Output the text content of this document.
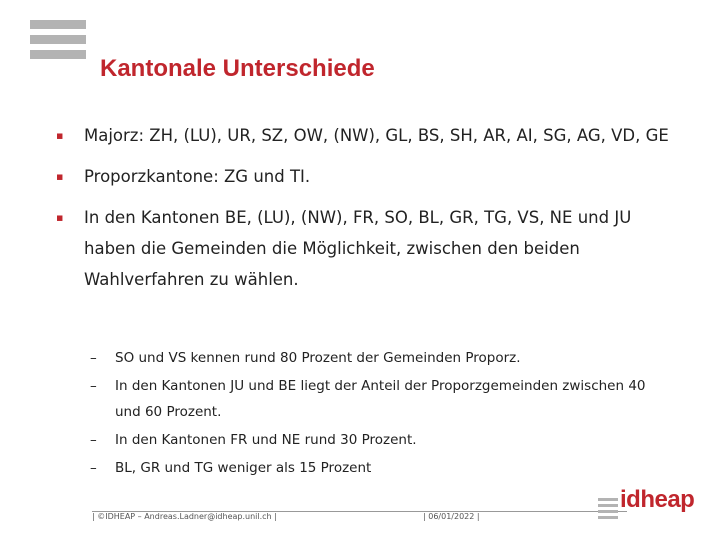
Kantonale Unterschiede
▪ Majorz: ZH, (LU), UR, SZ, OW, (NW), GL, BS, SH, AR, AI, SG, AG, VD, GE
▪ Proporzkantone: ZG und TI.
▪ In den Kantonen BE, (LU), (NW), FR, SO, BL, GR, TG, VS, NE und JU haben die Gemeinden die Möglichkeit, zwischen den beiden Wahlverfahren zu wählen.
– SO und VS kennen rund 80 Prozent der Gemeinden Proporz.
– In den Kantonen JU und BE liegt der Anteil der Proporzgemeinden zwischen 40 und 60 Prozent.
– In den Kantonen FR und NE rund 30 Prozent.
– BL, GR und TG weniger als 15 Prozent
| ©IDHEAP – Andreas.Ladner@idheap.unil.ch |	| 06/01/2022 |
idheap
